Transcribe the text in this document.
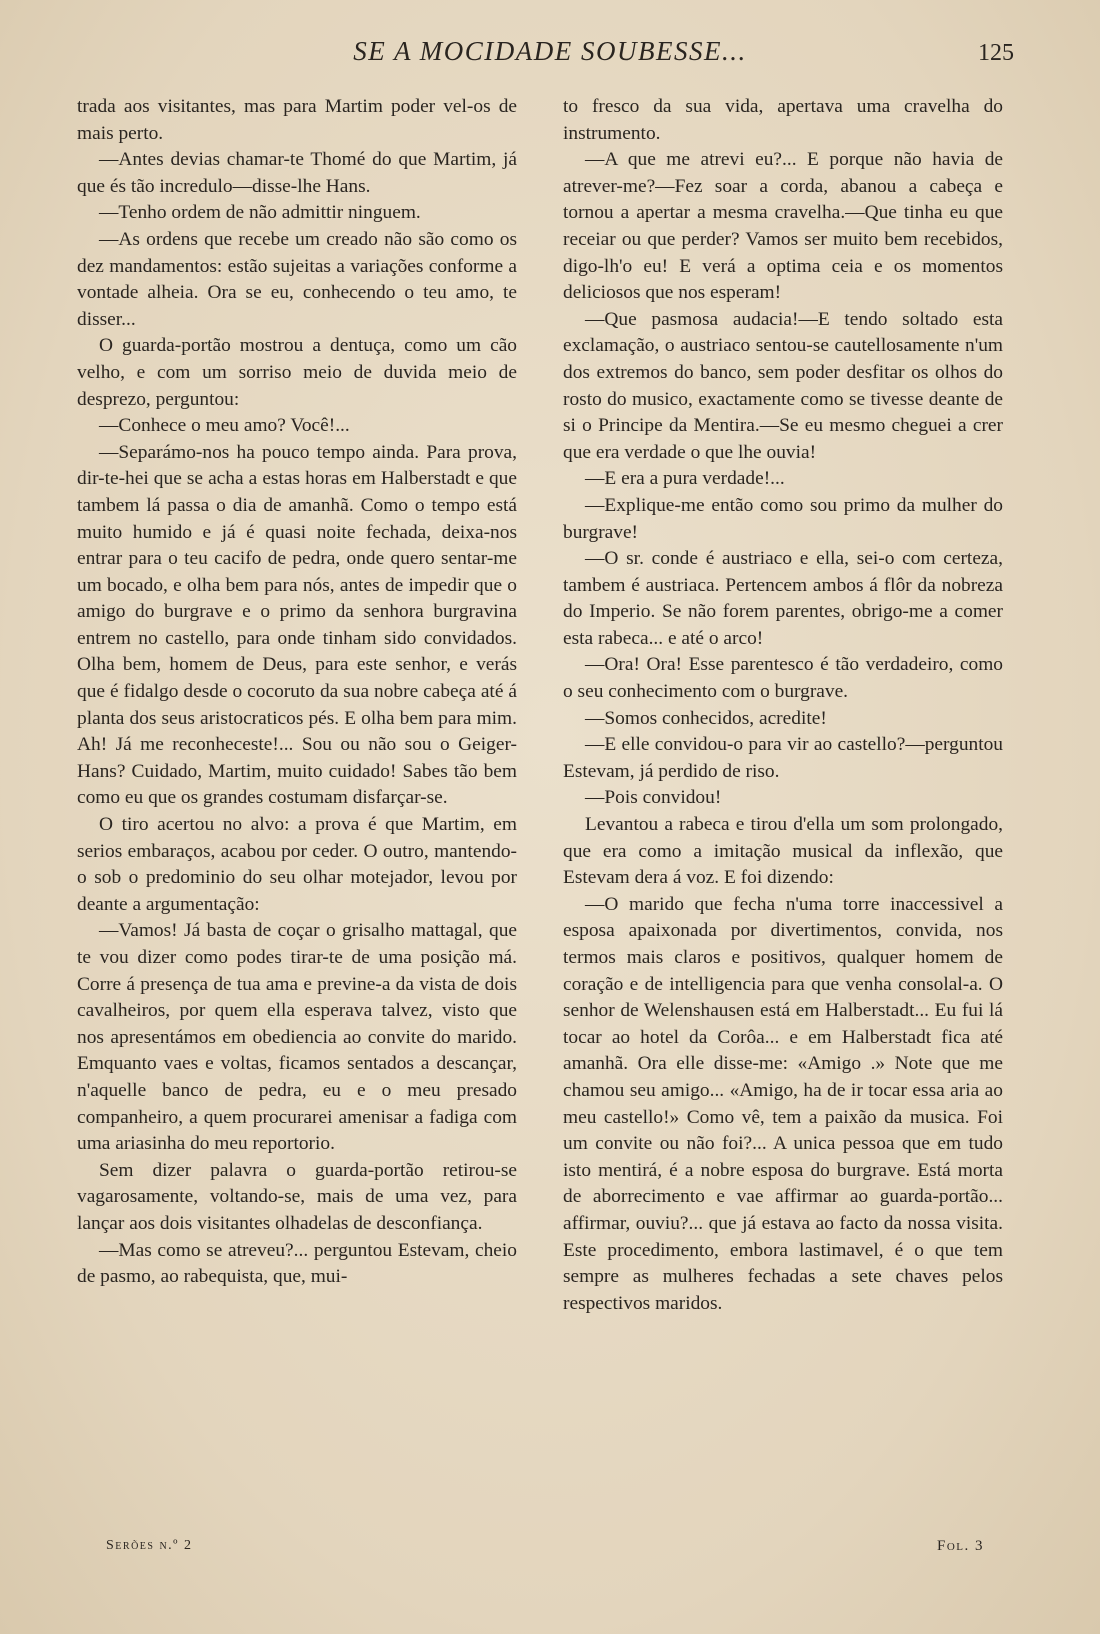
SE A MOCIDADE SOUBESSE...	125

trada aos visitantes, mas para Martim poder vel-os de mais perto.

—Antes devias chamar-te Thomé do que Martim, já que és tão incredulo—disse-lhe Hans.

—Tenho ordem de não admittir ninguem.

—As ordens que recebe um creado não são como os dez mandamentos: estão sujeitas a variações conforme a vontade alheia. Ora se eu, conhecendo o teu amo, te disser...

O guarda-portão mostrou a dentuça, como um cão velho, e com um sorriso meio de duvida meio de desprezo, perguntou:

—Conhece o meu amo? Você!...

—Separámo-nos ha pouco tempo ainda. Para prova, dir-te-hei que se acha a estas horas em Halberstadt e que tambem lá passa o dia de amanhã. Como o tempo está muito humido e já é quasi noite fechada, deixa-nos entrar para o teu cacifo de pedra, onde quero sentar-me um bocado, e olha bem para nós, antes de impedir que o amigo do burgrave e o primo da senhora burgravina entrem no castello, para onde tinham sido convidados. Olha bem, homem de Deus, para este senhor, e verás que é fidalgo desde o cocoruto da sua nobre cabeça até á planta dos seus aristocraticos pés. E olha bem para mim. Ah! Já me reconheceste!... Sou ou não sou o Geiger-Hans? Cuidado, Martim, muito cuidado! Sabes tão bem como eu que os grandes costumam disfarçar-se.

O tiro acertou no alvo: a prova é que Martim, em serios embaraços, acabou por ceder. O outro, mantendo-o sob o predominio do seu olhar motejador, levou por deante a argumentação:

—Vamos! Já basta de coçar o grisalho mattagal, que te vou dizer como podes tirar-te de uma posição má. Corre á presença de tua ama e previne-a da vista de dois cavalheiros, por quem ella esperava talvez, visto que nos apresentámos em obediencia ao convite do marido. Emquanto vaes e voltas, ficamos sentados a descançar, n'aquelle banco de pedra, eu e o meu presado companheiro, a quem procurarei amenisar a fadiga com uma ariasinha do meu reportorio.

Sem dizer palavra o guarda-portão retirou-se vagarosamente, voltando-se, mais de uma vez, para lançar aos dois visitantes olhadelas de desconfiança.

—Mas como se atreveu?... perguntou Estevam, cheio de pasmo, ao rabequista, que, mui-

to fresco da sua vida, apertava uma cravelha do instrumento.

—A que me atrevi eu?... E porque não havia de atrever-me?—Fez soar a corda, abanou a cabeça e tornou a apertar a mesma cravelha.—Que tinha eu que receiar ou que perder? Vamos ser muito bem recebidos, digo-lh'o eu! E verá a optima ceia e os momentos deliciosos que nos esperam!

—Que pasmosa audacia!—E tendo soltado esta exclamação, o austriaco sentou-se cautellosamente n'um dos extremos do banco, sem poder desfitar os olhos do rosto do musico, exactamente como se tivesse deante de si o Principe da Mentira.—Se eu mesmo cheguei a crer que era verdade o que lhe ouvia!

—E era a pura verdade!...

—Explique-me então como sou primo da mulher do burgrave!

—O sr. conde é austriaco e ella, sei-o com certeza, tambem é austriaca. Pertencem ambos á flôr da nobreza do Imperio. Se não forem parentes, obrigo-me a comer esta rabeca... e até o arco!

—Ora! Ora! Esse parentesco é tão verdadeiro, como o seu conhecimento com o burgrave.

—Somos conhecidos, acredite!

—E elle convidou-o para vir ao castello?—perguntou Estevam, já perdido de riso.

—Pois convidou!

Levantou a rabeca e tirou d'ella um som prolongado, que era como a imitação musical da inflexão, que Estevam dera á voz. E foi dizendo:

—O marido que fecha n'uma torre inaccessivel a esposa apaixonada por divertimentos, convida, nos termos mais claros e positivos, qualquer homem de coração e de intelligencia para que venha consolal-a. O senhor de Welenshausen está em Halberstadt... Eu fui lá tocar ao hotel da Corôa... e em Halberstadt fica até amanhã. Ora elle disse-me: «Amigo .» Note que me chamou seu amigo... «Amigo, ha de ir tocar essa aria ao meu castello!» Como vê, tem a paixão da musica. Foi um convite ou não foi?... A unica pessoa que em tudo isto mentirá, é a nobre esposa do burgrave. Está morta de aborrecimento e vae affirmar ao guarda-portão... affirmar, ouviu?... que já estava ao facto da nossa visita. Este procedimento, embora lastimavel, é o que tem sempre as mulheres fechadas a sete chaves pelos respectivos maridos.

Serões n.º 2	Fol. 3
